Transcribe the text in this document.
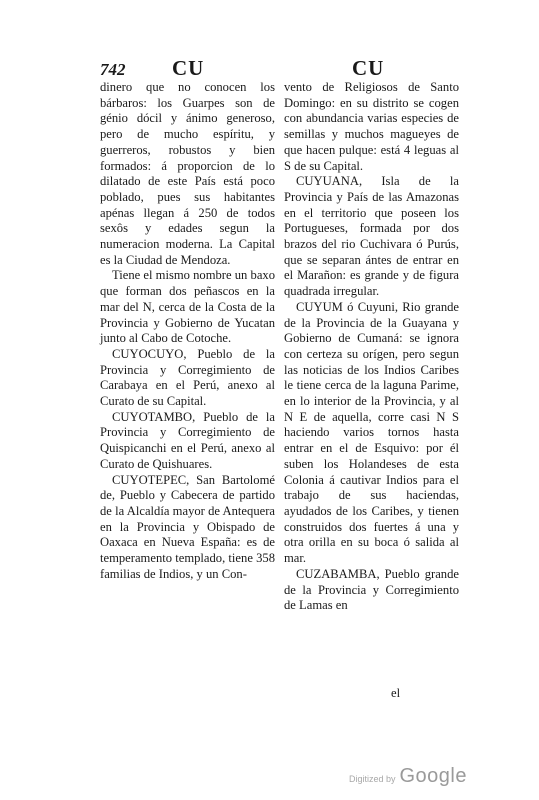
742 CU	CU

dinero que no conocen los bárbaros: los Guarpes son de génio dócil y ánimo generoso, pero de mucho espíritu, y guerreros, robustos y bien formados: á proporcion de lo dilatado de este País está poco poblado, pues sus habitantes apénas llegan á 250 de todos sexôs y edades segun la numeracion moderna. La Capital es la Ciudad de Mendoza.

Tiene el mismo nombre un baxo que forman dos peñascos en la mar del N, cerca de la Costa de la Provincia y Gobierno de Yucatan junto al Cabo de Cotoche.

CUYOCUYO, Pueblo de la Provincia y Corregimiento de Carabaya en el Perú, anexo al Curato de su Capital.

CUYOTAMBO, Pueblo de la Provincia y Corregimiento de Quispicanchi en el Perú, anexo al Curato de Quishuares.

CUYOTEPEC, San Bartolomé de, Pueblo y Cabecera de partido de la Alcaldía mayor de Antequera en la Provincia y Obispado de Oaxaca en Nueva España: es de temperamento templado, tiene 358 familias de Indios, y un Con-

vento de Religiosos de Santo Domingo: en su distrito se cogen con abundancia varias especies de semillas y muchos magueyes de que hacen pulque: está 4 leguas al S de su Capital.

CUYUANA, Isla de la Provincia y País de las Amazonas en el territorio que poseen los Portugueses, formada por dos brazos del rio Cuchivara ó Purús, que se separan ántes de entrar en el Marañon: es grande y de figura quadrada irregular.

CUYUM ó Cuyuni, Rio grande de la Provincia de la Guayana y Gobierno de Cumaná: se ignora con certeza su orígen, pero segun las noticias de los Indios Caribes le tiene cerca de la laguna Parime, en lo interior de la Provincia, y al N E de aquella, corre casi N S haciendo varios tornos hasta entrar en el de Esquivo: por él suben los Holandeses de esta Colonia á cautivar Indios para el trabajo de sus haciendas, ayudados de los Caribes, y tienen construidos dos fuertes á una y otra orilla en su boca ó salida al mar.

CUZABAMBA, Pueblo grande de la Provincia y Corregimiento de Lamas en

el
Digitized by Google
